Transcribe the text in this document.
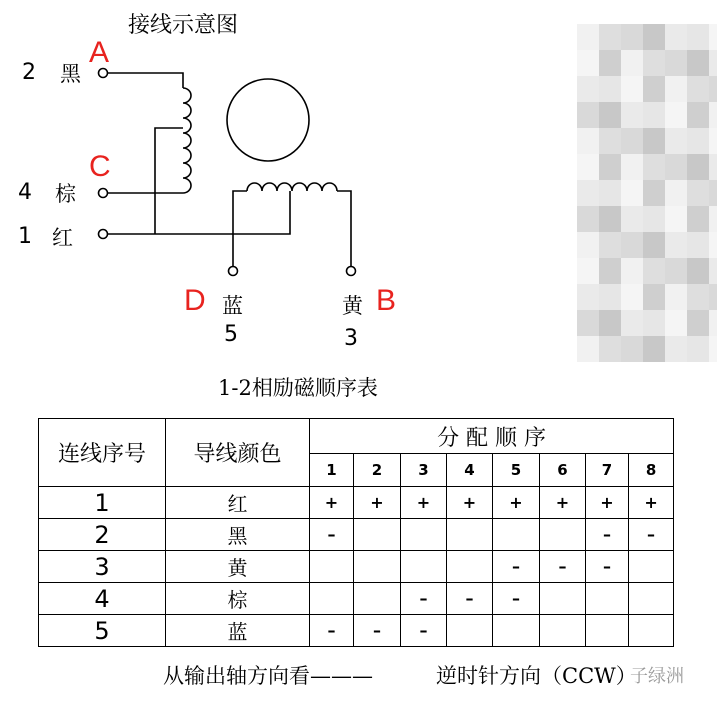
接线示意图
2 黑
A
4 棕
C
1 红
D 蓝
5
黄 B
3
1-2相励磁顺序表
连线序号	导线颜色	分 配 顺 序							
		1	2	3	4	5	6	7	8
1	红	+	+	+	+	+	+	+	+
2	黑	–						–	–
3	黄					–	–	–	
4	棕			–	–	–			
5	蓝	–	–	–					
从输出轴方向看———	逆时针方向（CCW）
子绿洲
